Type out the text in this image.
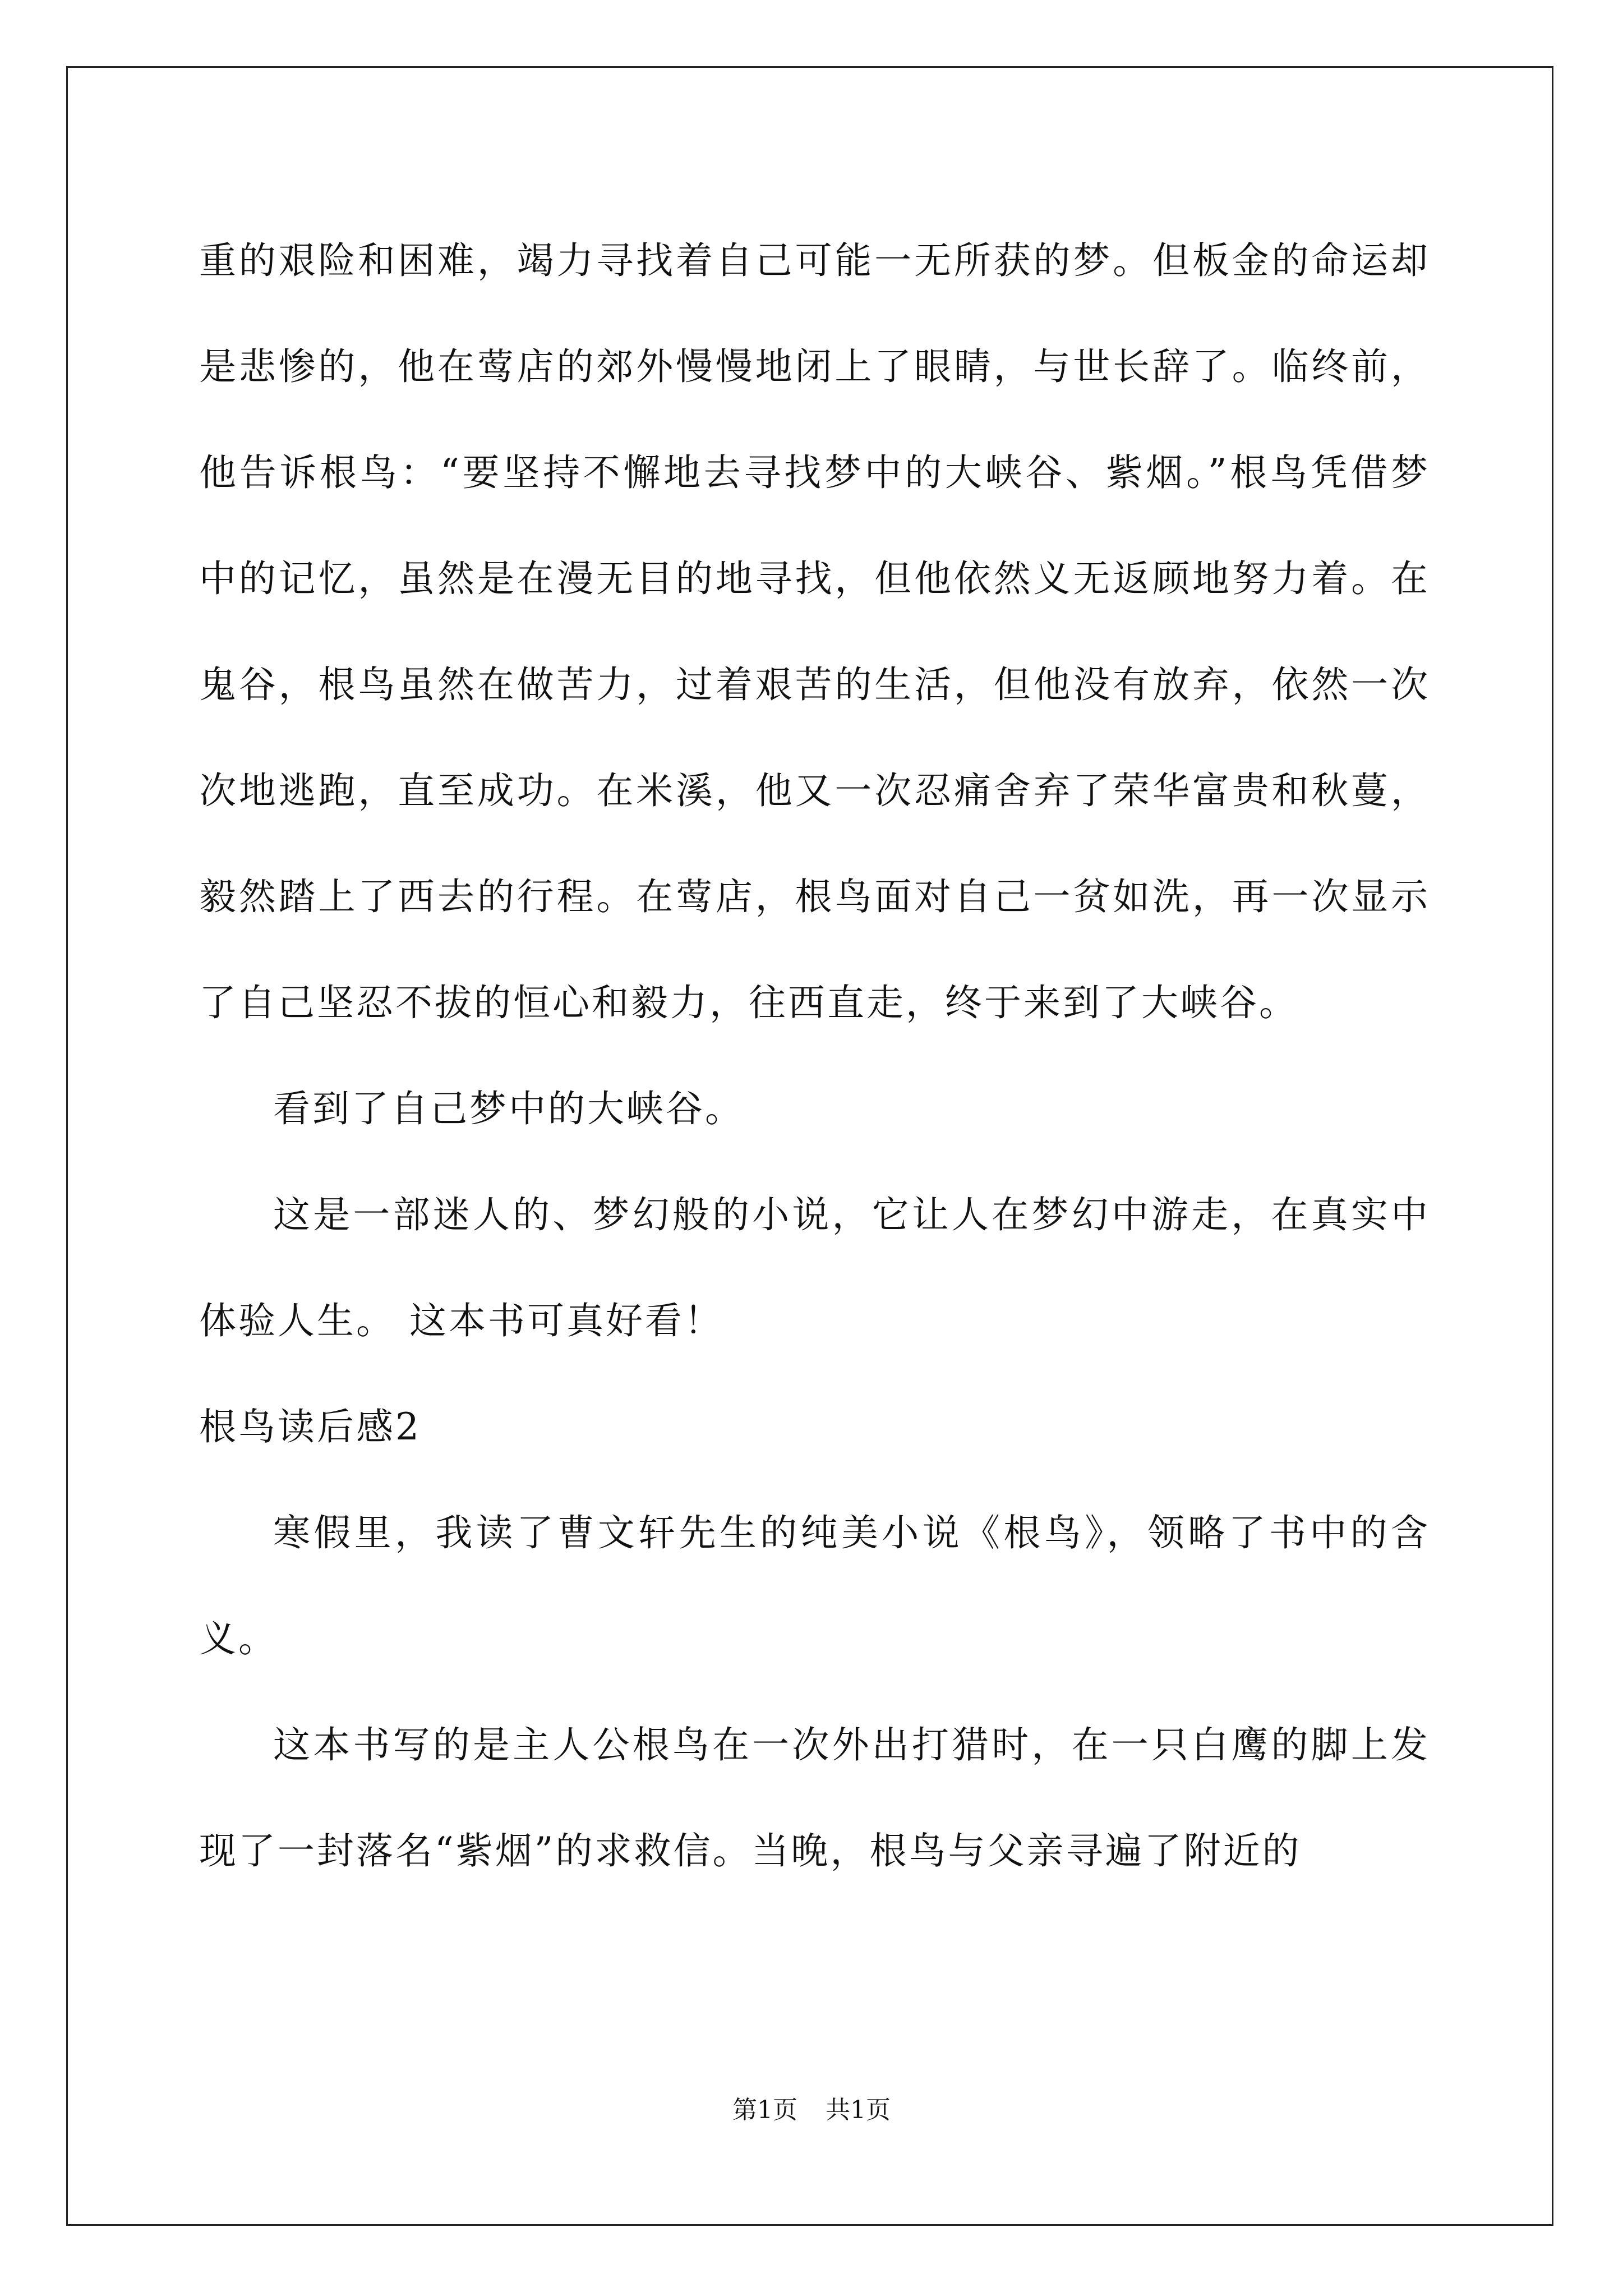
重的艰险和困难，竭力寻找着自己可能一无所获的梦。但板金的命运却是悲惨的，他在莺店的郊外慢慢地闭上了眼睛，与世长辞了。临终前，他告诉根鸟：“要坚持不懈地去寻找梦中的大峡谷、紫烟。”根鸟凭借梦中的记忆，虽然是在漫无目的地寻找，但他依然义无返顾地努力着。在鬼谷，根鸟虽然在做苦力，过着艰苦的生活，但他没有放弃，依然一次次地逃跑，直至成功。在米溪，他又一次忍痛舍弃了荣华富贵和秋蔓，毅然踏上了西去的行程。在莺店，根鸟面对自己一贫如洗，再一次显示了自己坚忍不拔的恒心和毅力，往西直走，终于来到了大峡谷。

看到了自己梦中的大峡谷。

这是一部迷人的、梦幻般的小说，它让人在梦幻中游走，在真实中体验人生。 这本书可真好看！

根鸟读后感2

寒假里，我读了曹文轩先生的纯美小说《根鸟》，领略了书中的含义。

这本书写的是主人公根鸟在一次外出打猎时，在一只白鹰的脚上发现了一封落名“紫烟”的求救信。当晚，根鸟与父亲寻遍了附近的

第1页 共1页
